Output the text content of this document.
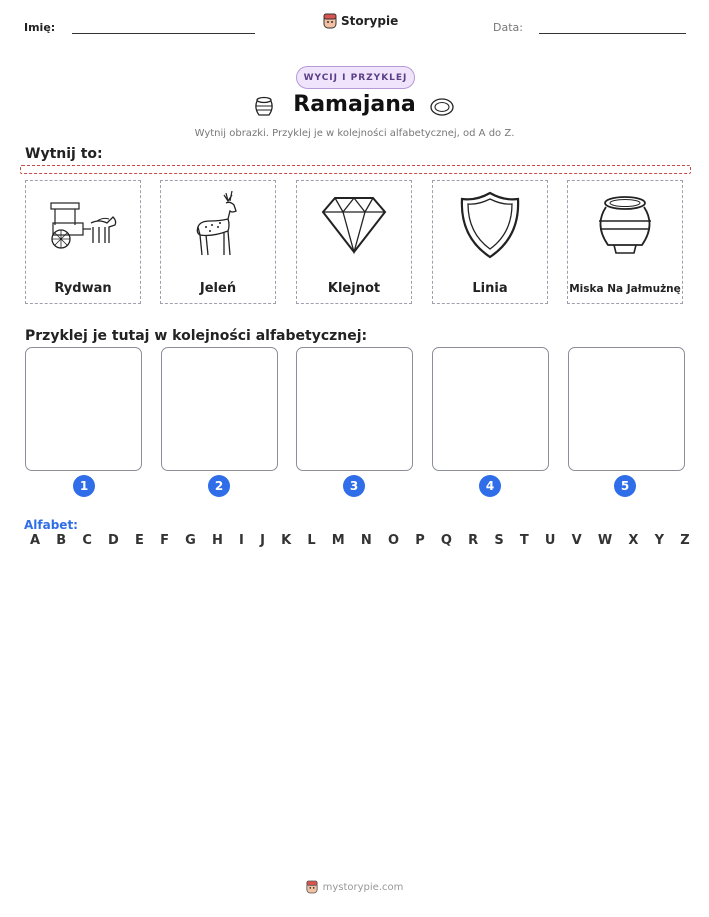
Imię:	Storypie	Data:
WYCIJ I PRZYKLEJ
Ramajana
Wytnij obrazki. Przyklej je w kolejności alfabetycznej, od A do Z.
Wytnij to:
Rydwan	Jeleń	Klejnot	Linia	Miska Na Jałmużnę
Przyklej je tutaj w kolejności alfabetycznej:
1	2	3	4	5
Alfabet:
A B C D E F G H I J K L M N O P Q R S T U V W X Y Z
mystorypie.com
